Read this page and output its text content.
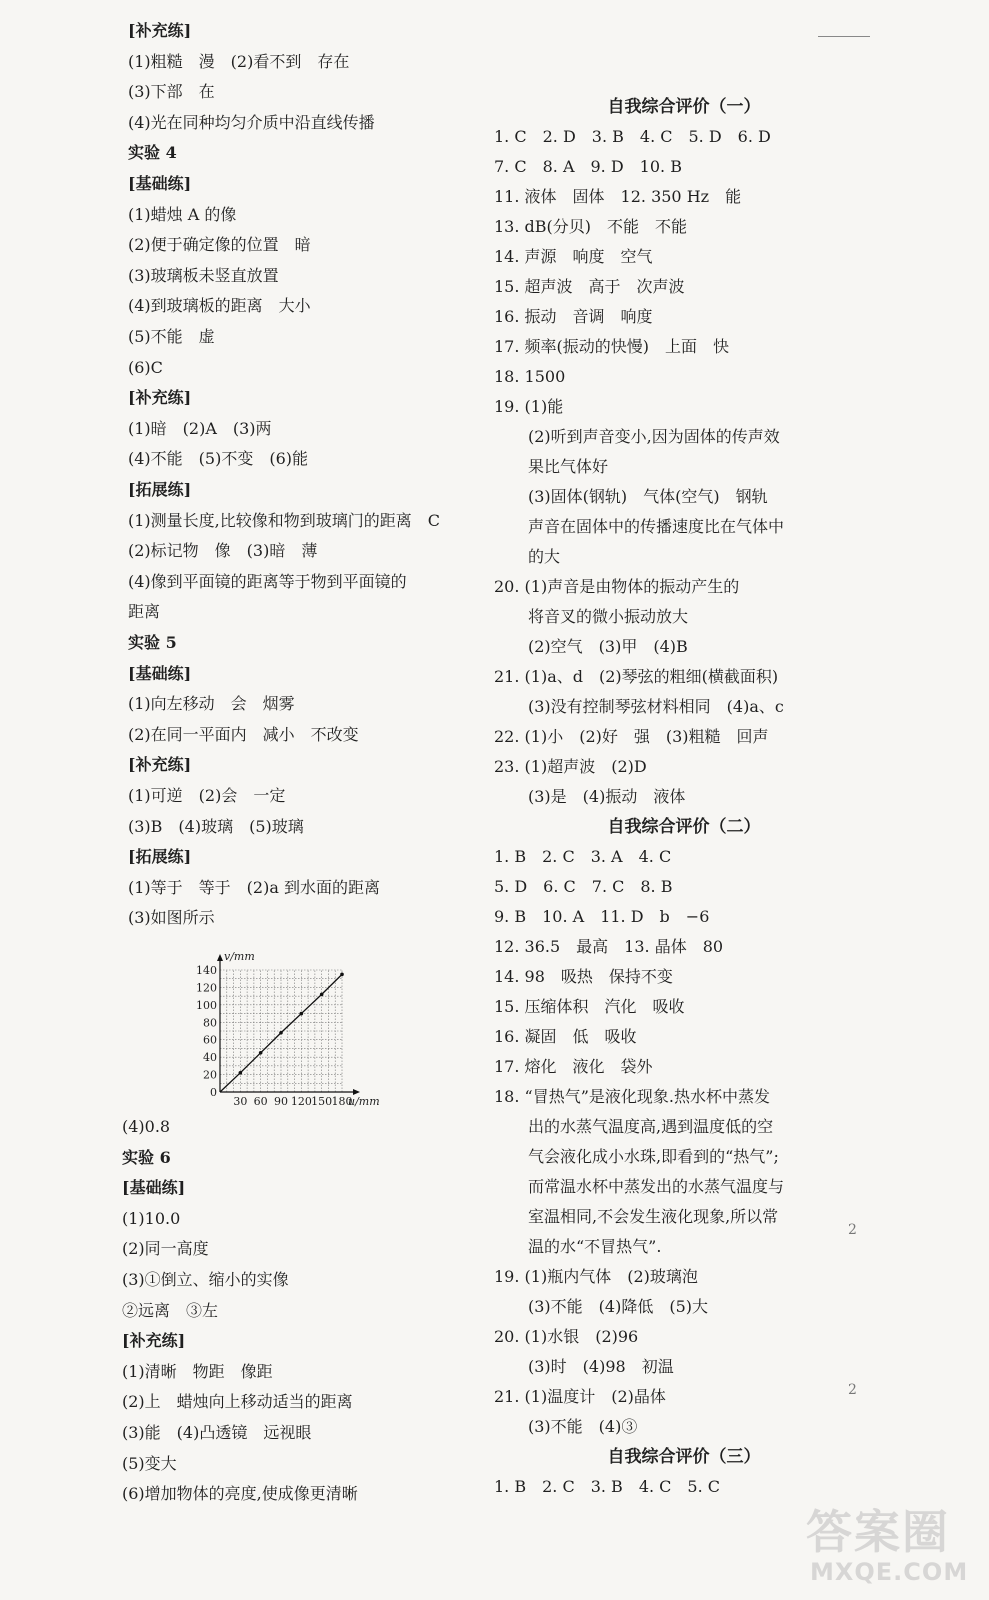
[补充练]
(1)粗糙　漫　(2)看不到　存在
(3)下部　在
(4)光在同种均匀介质中沿直线传播
实验 4
[基础练]
(1)蜡烛 A 的像
(2)便于确定像的位置　暗
(3)玻璃板未竖直放置
(4)到玻璃板的距离　大小
(5)不能　虚
(6)C
[补充练]
(1)暗　(2)A　(3)两
(4)不能　(5)不变　(6)能
[拓展练]
(1)测量长度,比较像和物到玻璃门的距离　C
(2)标记物　像　(3)暗　薄
(4)像到平面镜的距离等于物到平面镜的
距离
实验 5
[基础练]
(1)向左移动　会　烟雾
(2)在同一平面内　减小　不改变
[补充练]
(1)可逆　(2)会　一定
(3)B　(4)玻璃　(5)玻璃
[拓展练]
(1)等于　等于　(2)a 到水面的距离
(3)如图所示
0
20
40
60
80
100
120
140
30 60 90 120 150 180
u/mm
v/mm
(4)0.8
实验 6
[基础练]
(1)10.0
(2)同一高度
(3)①倒立、缩小的实像
②远离　③左
[补充练]
(1)清晰　物距　像距
(2)上　蜡烛向上移动适当的距离
(3)能　(4)凸透镜　远视眼
(5)变大
(6)增加物体的亮度,使成像更清晰
自我综合评价（一）
1. C　2. D　3. B　4. C　5. D　6. D
7. C　8. A　9. D　10. B
11. 液体　固体　12. 350 Hz　能
13. dB(分贝)　不能　不能
14. 声源　响度　空气
15. 超声波　高于　次声波
16. 振动　音调　响度
17. 频率(振动的快慢)　上面　快
18. 1500
19. (1)能
(2)听到声音变小,因为固体的传声效
果比气体好
(3)固体(钢轨)　气体(空气)　钢轨
声音在固体中的传播速度比在气体中
的大
20. (1)声音是由物体的振动产生的
将音叉的微小振动放大
(2)空气　(3)甲　(4)B
21. (1)a、d　(2)琴弦的粗细(横截面积)
(3)没有控制琴弦材料相同　(4)a、c
22. (1)小　(2)好　强　(3)粗糙　回声
23. (1)超声波　(2)D
(3)是　(4)振动　液体
自我综合评价（二）
1. B　2. C　3. A　4. C
5. D　6. C　7. C　8. B
9. B　10. A　11. D　b　−6
12. 36.5　最高　13. 晶体　80
14. 98　吸热　保持不变
15. 压缩体积　汽化　吸收
16. 凝固　低　吸收
17. 熔化　液化　袋外
18. “冒热气”是液化现象.热水杯中蒸发
出的水蒸气温度高,遇到温度低的空
气会液化成小水珠,即看到的“热气”;
而常温水杯中蒸发出的水蒸气温度与
室温相同,不会发生液化现象,所以常
温的水“不冒热气”.
19. (1)瓶内气体　(2)玻璃泡
(3)不能　(4)降低　(5)大
20. (1)水银　(2)96
(3)时　(4)98　初温
21. (1)温度计　(2)晶体
(3)不能　(4)③
自我综合评价（三）
1. B　2. C　3. B　4. C　5. C
2
2
答案圈
MXQE.COM
